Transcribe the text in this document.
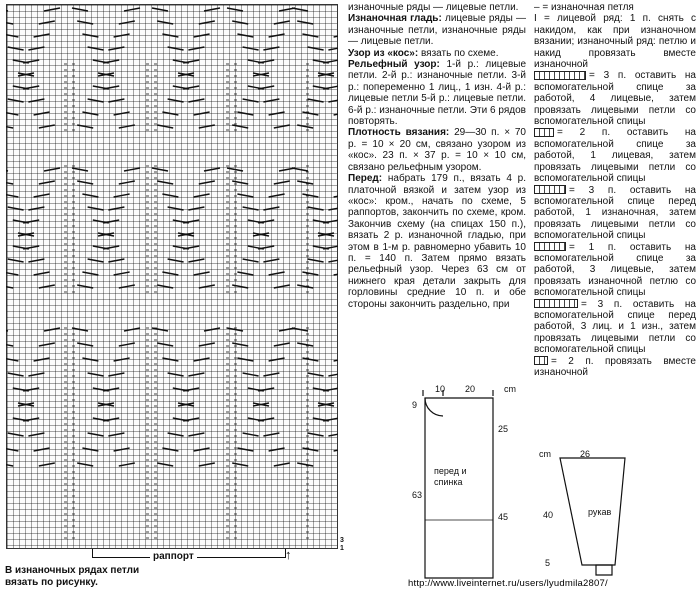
раппорт	↑
3
1
В изнаночных рядах петли вязать по рисунку.

изнаночные ряды — лицевые петли.

Изнаночная гладь: лицевые ряды — изнаночные петли, изнаночные ряды — лицевые петли.

Узор из «кос»: вязать по схеме.

Рельефный узор: 1-й р.: лицевые петли. 2-й р.: изнаночные петли. 3-й р.: попеременно 1 лиц., 1 изн. 4-й р.: лицевые петли 5-й р.: лицевые петли. 6-й р.: изнаночные петли. Эти 6 рядов повторять.

Плотность вязания: 29—30 п. × 70 р. = 10 × 20 см, связано узором из «кос». 23 п. × 37 р. = 10 × 10 см, связано рельефным узором.

Перед: набрать 179 п., вязать 4 р. платочной вязкой и затем узор из «кос»: кром., начать по схеме, 5 раппортов, закончить по схеме, кром. Закончив схему (на спицах 150 п.), вязать 2 р. изнаночной гладью, при этом в 1-м р. равномерно убавить 10 п. = 140 п. Затем прямо вязать рельефный узор. Через 63 см от нижнего края детали закрыть для горловины средние 10 п. и обе стороны закончить раздельно, при

– = изнаночная петля

І = лицевой ряд: 1 п. снять с накидом, как при изнаночном вязании; изнаночный ряд: петлю и накид провязать вместе изнаночной

= 3 п. оставить на вспомогательной спице за работой, 4 лицевые, затем провязать лицевыми петли со вспомогательной спицы

= 2 п. оставить на вспомогательной спице за работой, 1 лицевая, затем провязать лицевыми петли со вспомогательной спицы

= 3 п. оставить на вспомогательной спице перед работой, 1 изнаночная, затем провязать лицевыми петли со вспомогательной спицы

= 1 п. оставить на вспомогательной спице за работой, 3 лицевые, затем провязать изнаночной петлю со вспомогательной спицы

= 3 п. оставить на вспомогательной спице перед работой, 3 лиц. и 1 изн., затем провязать лицевыми петли со вспомогательной спицы

= 2 п. провязать вместе изнаночной

9
10 20	cm
25
63
45
перед и спинка
cm	26
40
5
рукав
http://www.liveinternet.ru/users/lyudmila2807/
